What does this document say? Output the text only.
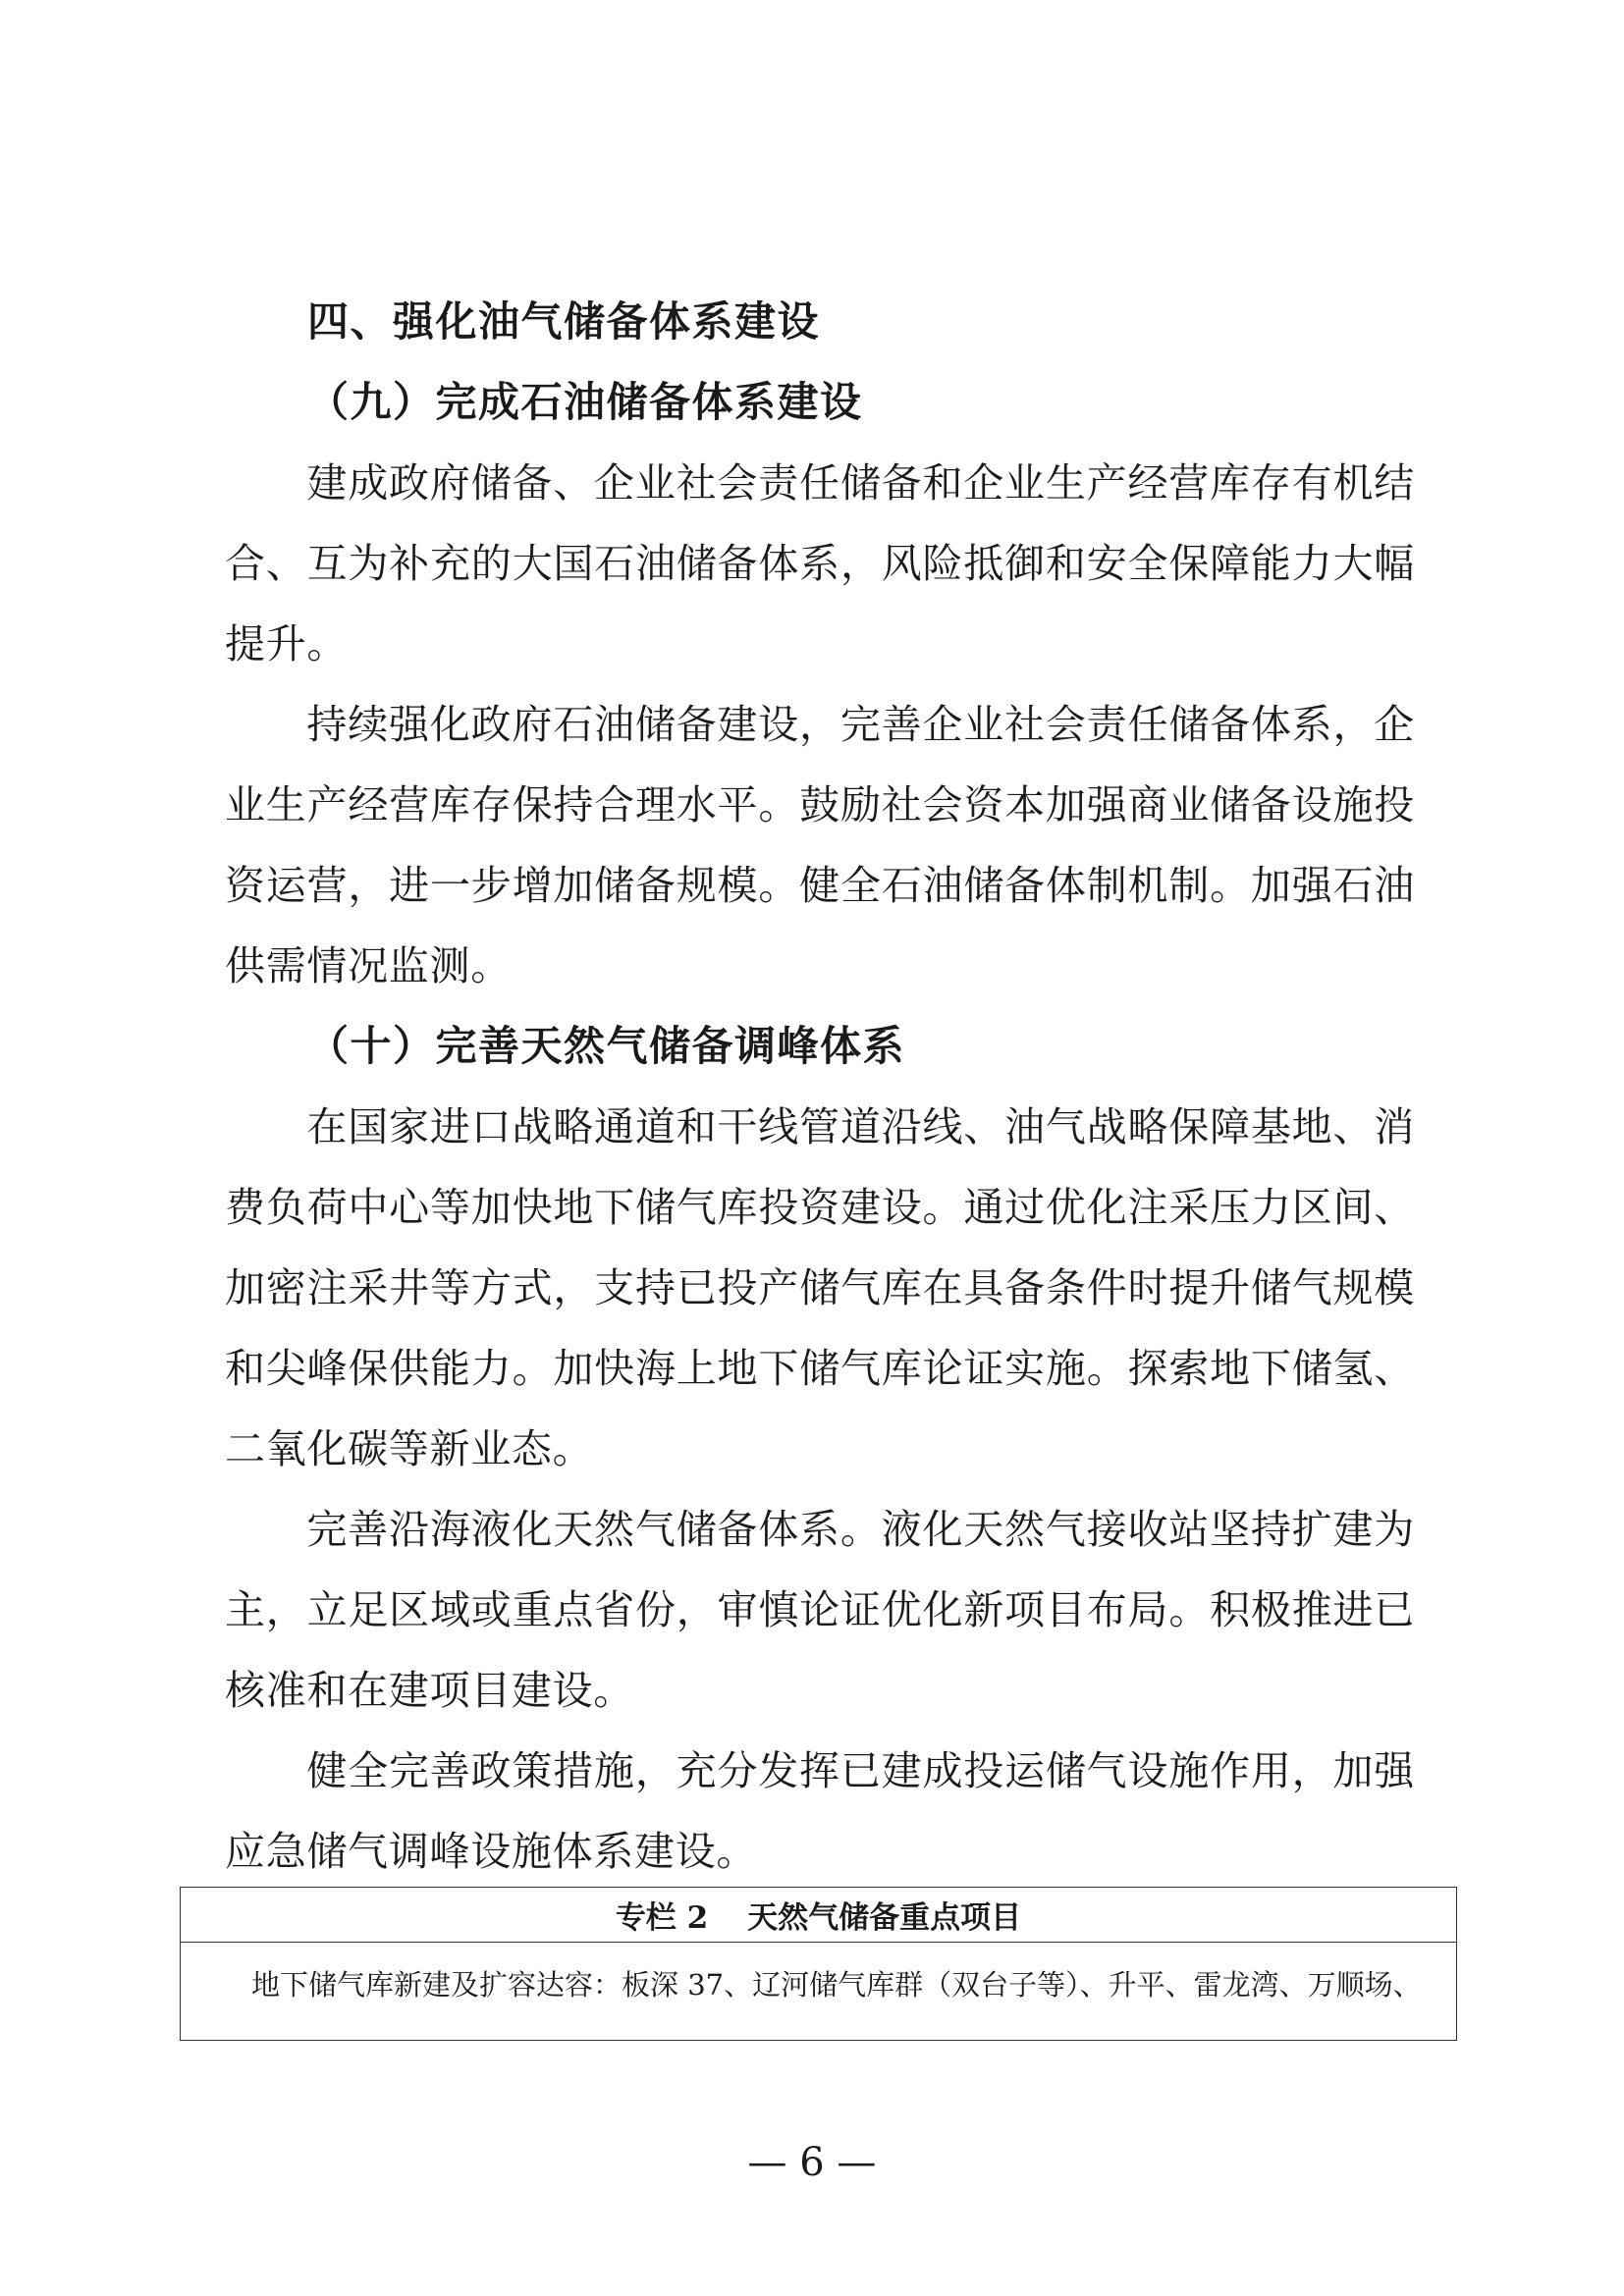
四、强化油气储备体系建设
（九）完成石油储备体系建设

建成政府储备、企业社会责任储备和企业生产经营库存有机结合、互为补充的大国石油储备体系，风险抵御和安全保障能力大幅提升。

持续强化政府石油储备建设，完善企业社会责任储备体系，企业生产经营库存保持合理水平。鼓励社会资本加强商业储备设施投资运营，进一步增加储备规模。健全石油储备体制机制。加强石油供需情况监测。

（十）完善天然气储备调峰体系

在国家进口战略通道和干线管道沿线、油气战略保障基地、消费负荷中心等加快地下储气库投资建设。通过优化注采压力区间、加密注采井等方式，支持已投产储气库在具备条件时提升储气规模和尖峰保供能力。加快海上地下储气库论证实施。探索地下储氢、二氧化碳等新业态。

完善沿海液化天然气储备体系。液化天然气接收站坚持扩建为主，立足区域或重点省份，审慎论证优化新项目布局。积极推进已核准和在建项目建设。

健全完善政策措施，充分发挥已建成投运储气设施作用，加强应急储气调峰设施体系建设。

专栏 2 天然气储备重点项目
地下储气库新建及扩容达容：板深 37、辽河储气库群（双台子等）、升平、雷龙湾、万顺场、
— 6 —
